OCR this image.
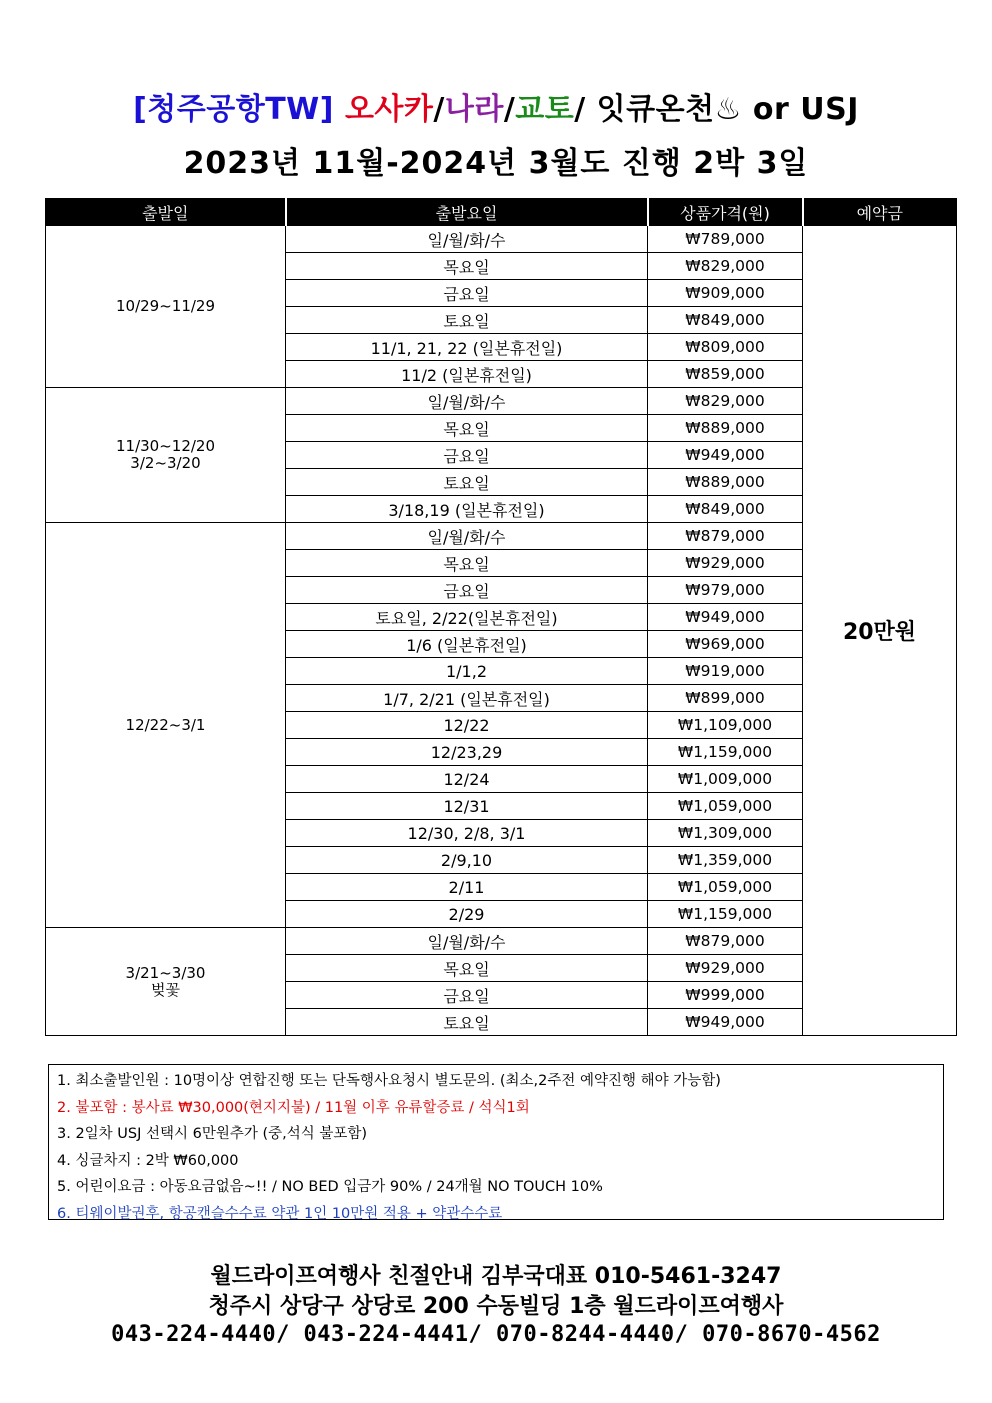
[청주공항TW] 오사카/나라/교토/ 잇큐온천♨ or USJ
2023년 11월-2024년 3월도 진행 2박 3일
출발일	출발요일	상품가격(원)	예약금
10/29~11/29	일/월/화/수	₩789,000	20만원
	목요일	₩829,000	
	금요일	₩909,000	
	토요일	₩849,000	
	11/1, 21, 22 (일본휴전일)	₩809,000	
	11/2 (일본휴전일)	₩859,000	
11/30~12/20
3/2~3/20	일/월/화/수	₩829,000	
	목요일	₩889,000	
	금요일	₩949,000	
	토요일	₩889,000	
	3/18,19 (일본휴전일)	₩849,000	
12/22~3/1	일/월/화/수	₩879,000	
	목요일	₩929,000	
	금요일	₩979,000	
	토요일, 2/22(일본휴전일)	₩949,000	
	1/6 (일본휴전일)	₩969,000	
	1/1,2	₩919,000	
	1/7, 2/21 (일본휴전일)	₩899,000	
	12/22	₩1,109,000	
	12/23,29	₩1,159,000	
	12/24	₩1,009,000	
	12/31	₩1,059,000	
	12/30, 2/8, 3/1	₩1,309,000	
	2/9,10	₩1,359,000	
	2/11	₩1,059,000	
	2/29	₩1,159,000	
3/21~3/30
벚꽃	일/월/화/수	₩879,000	
	목요일	₩929,000	
	금요일	₩999,000	
	토요일	₩949,000	
1. 최소출발인원 : 10명이상 연합진행 또는 단독행사요청시 별도문의. (최소,2주전 예약진행 해야 가능함)
2. 불포함 : 봉사료 ₩30,000(현지지불) / 11월 이후 유류할증료 / 석식1회
3. 2일차 USJ 선택시 6만원추가 (중,석식 불포함)
4. 싱글차지 : 2박 ₩60,000
5. 어린이요금 : 아동요금없음~!! / NO BED 입금가 90% / 24개월 NO TOUCH 10%
6. 티웨이발권후, 항공캔슬수수료 약관 1인 10만원 적용 + 약관수수료
월드라이프여행사 친절안내 김부국대표 010-5461-3247
청주시 상당구 상당로 200 수동빌딩 1층 월드라이프여행사
043-224-4440/ 043-224-4441/ 070-8244-4440/ 070-8670-4562
